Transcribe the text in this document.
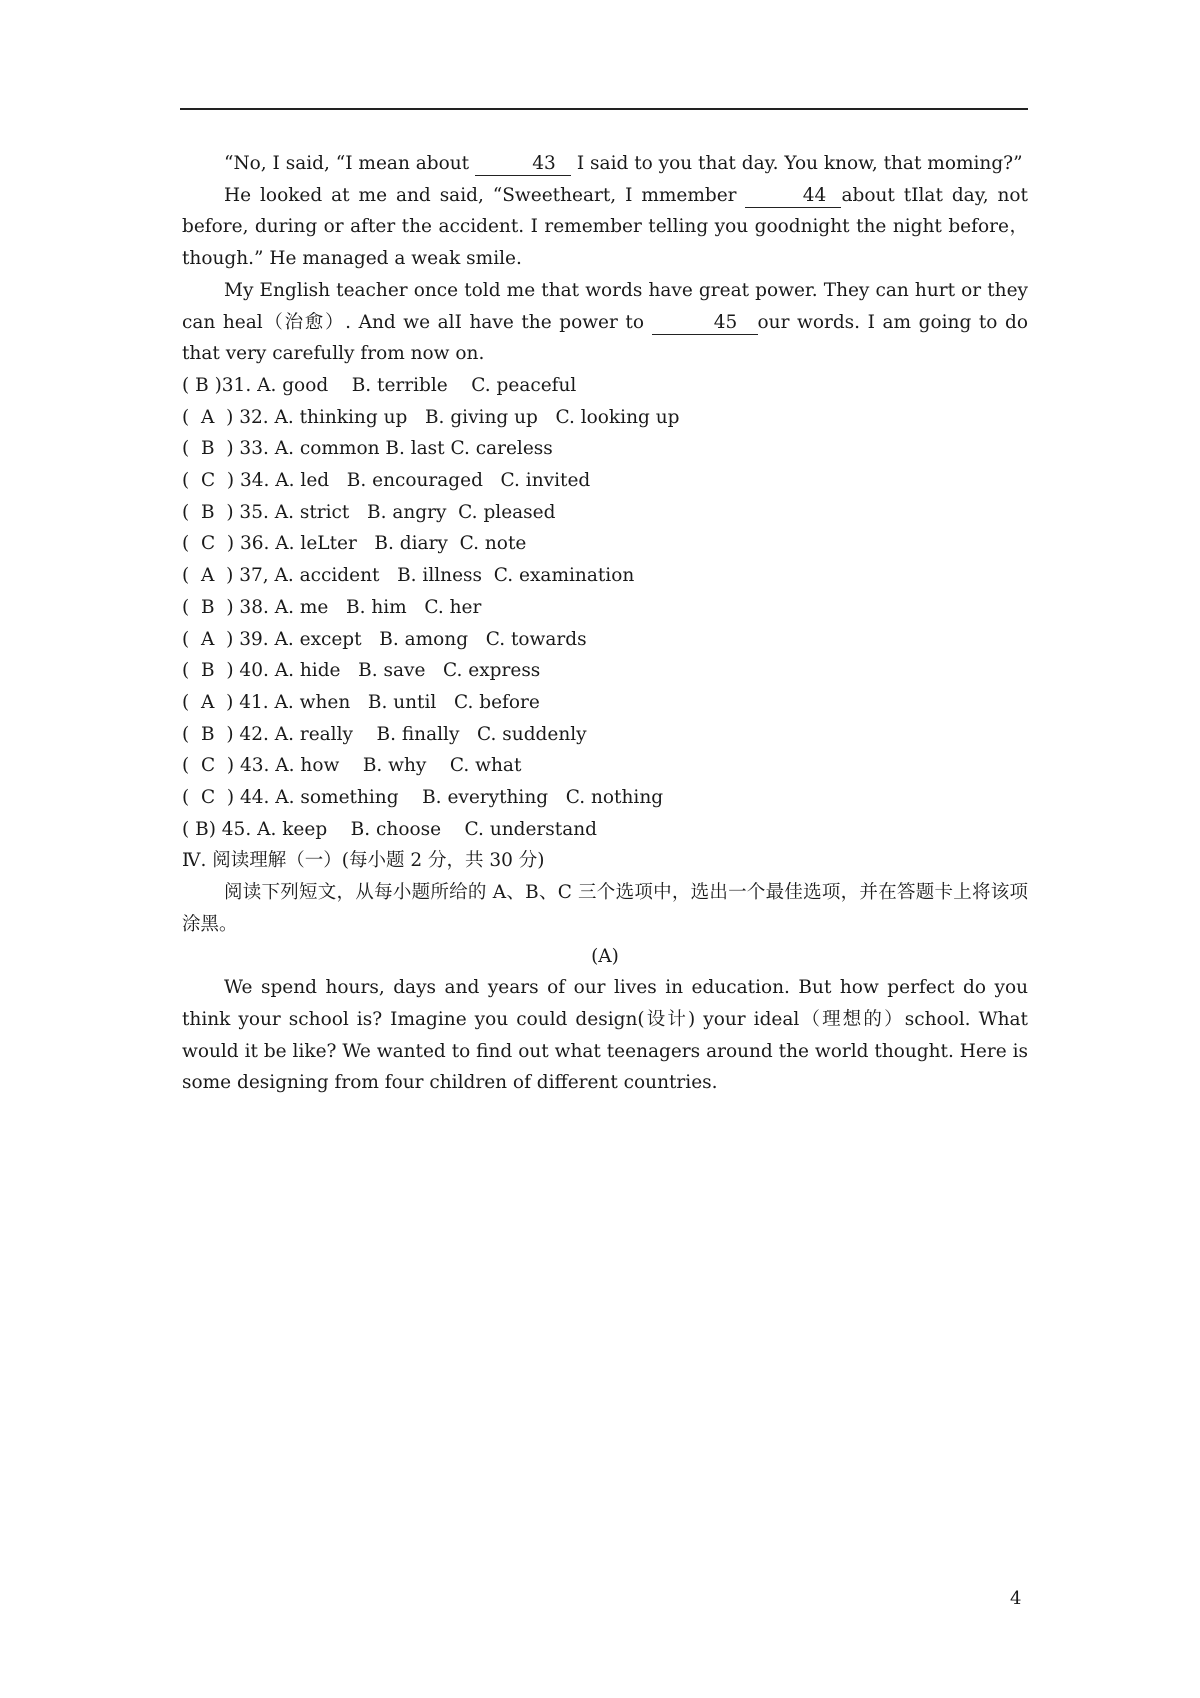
“No, I said, “I mean about	43 I said to you that day. You know, that moming?”

He looked at me and said, “Sweetheart, I mmember	44 about tIlat day, not before, during or after the accident. I remember telling you goodnight the night before，though.” He managed a weak smile.

My English teacher once told me that words have great power. They can hurt or they can heal（治愈）. And we alI have the power to	45 our words. I am going to do that very carefully from now on.

( B )31. A. good    B. terrible    C. peaceful

(  A  ) 32. A. thinking up   B. giving up   C. looking up

(  B  ) 33. A. common B. last C. careless

(  C  ) 34. A. led   B. encouraged   C. invited

(  B  ) 35. A. strict   B. angry  C. pleased

(  C  ) 36. A. leLter   B. diary  C. note

(  A  ) 37, A. accident   B. illness  C. examination

(  B  ) 38. A. me   B. him   C. her

(  A  ) 39. A. except   B. among   C. towards

(  B  ) 40. A. hide   B. save   C. express

(  A  ) 41. A. when   B. until   C. before

(  B  ) 42. A. really    B. finally   C. suddenly

(  C  ) 43. A. how    B. why    C. what

(  C  ) 44. A. something    B. everything   C. nothing

( B) 45. A. keep    B. choose    C. understand

Ⅳ. 阅读理解（一）(每小题 2 分，共 30 分)

阅读下列短文，从每小题所给的 A、B、C 三个选项中，选出一个最佳选项，并在答题卡上将该项涂黑。

(A)

We spend hours, days and years of our lives in education. But how perfect do you think your school is? Imagine you could design(设计) your ideal（理想的）school. What would it be like? We wanted to find out what teenagers around the world thought. Here is some designing from four children of different countries.

4
